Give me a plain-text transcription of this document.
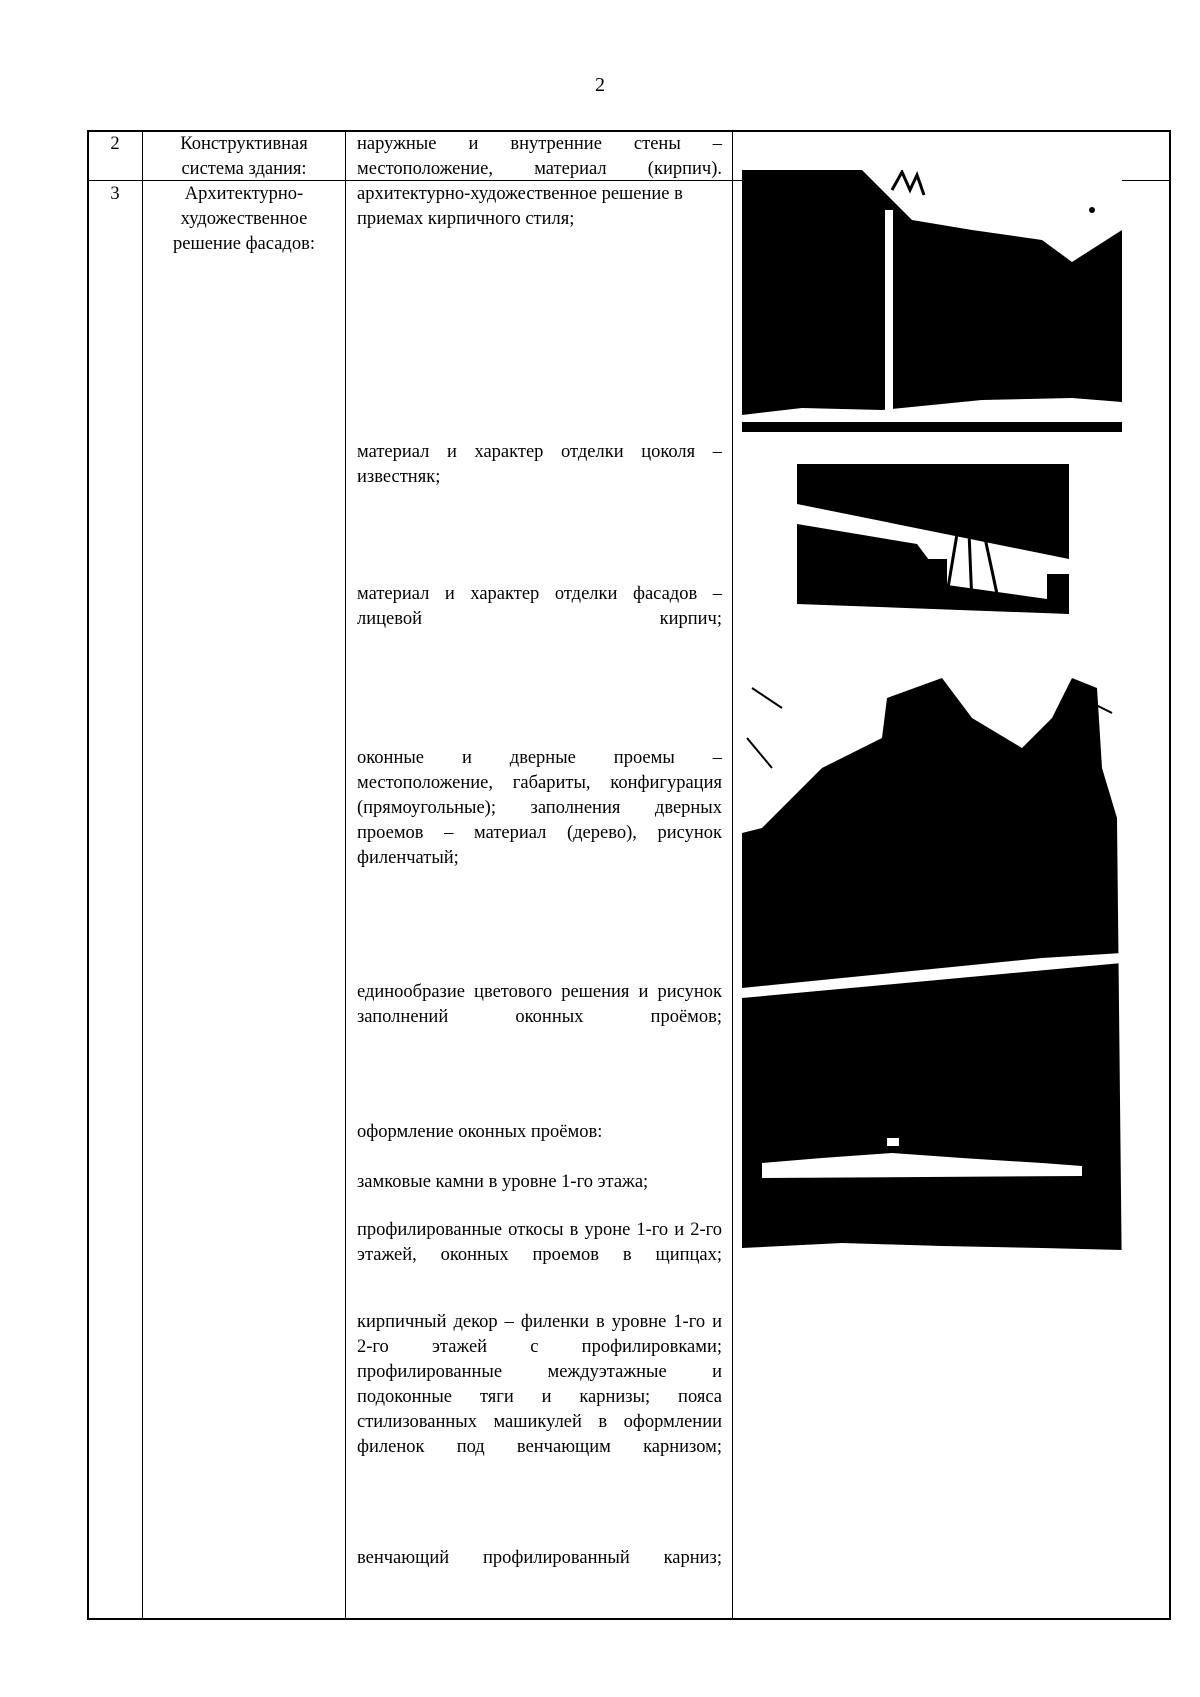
2
2	Конструктивная
система здания:
наружные и внутренние стены – местоположение, материал (кирпич).
3	Архитектурно-
художественное
решение фасадов:
архитектурно-художественное решение в приемах кирпичного стиля;
материал и характер отделки цоколя – известняк;
материал и характер отделки фасадов – лицевой кирпич;
оконные и дверные проемы – местоположение, габариты, конфигурация (прямоугольные); заполнения дверных проемов – материал (дерево), рисунок филенчатый;
единообразие цветового решения и рисунок заполнений оконных проёмов;
оформление оконных проёмов:
замковые камни в уровне 1-го этажа;
профилированные откосы в уроне 1-го и 2-го этажей, оконных проемов в щипцах;
кирпичный декор – филенки в уровне 1-го и 2-го этажей с профилировками; профилированные междуэтажные и подоконные тяги и карнизы; пояса стилизованных машикулей в оформлении филенок под венчающим карнизом;
венчающий профилированный карниз;
